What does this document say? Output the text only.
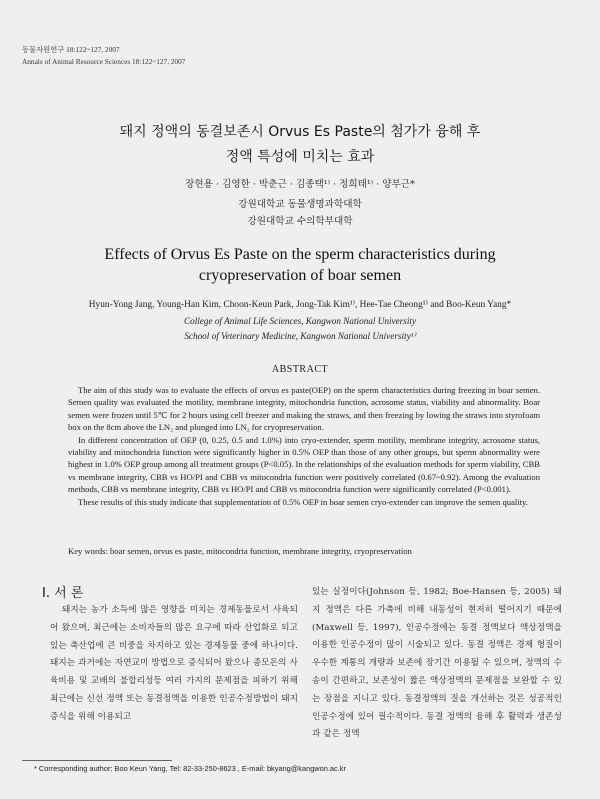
동물자원연구 18:122~127, 2007
Annals of Animal Resource Sciences 18:122~127, 2007
돼지 정액의 동결보존시 Orvus Es Paste의 첨가가 융해 후
정액 특성에 미치는 효과
장현용 · 김영한 · 박춘근 · 김종택¹⁾ · 정희태¹⁾ · 양부근*
강원대학교 동물생명과학대학
강원대학교 수의학부대학
Effects of Orvus Es Paste on the sperm characteristics during
cryopreservation of boar semen
Hyun-Yong Jang, Young-Han Kim, Choon-Keun Park, Jong-Tak Kim¹⁾, Hee-Tae Cheong¹⁾ and Boo-Keun Yang*
College of Animal Life Sciences, Kangwon National University
School of Veterinary Medicine, Kangwon National University¹⁾
ABSTRACT

The aim of this study was to evaluate the effects of orvus es paste(OEP) on the sperm characteristics during freezing in boar semen. Semen quality was evaluated the motility, membrane integrity, mitochondria function, acrosome status, viability and abnormality. Boar semen were frozen until 5℃ for 2 hours using cell freezer and making the straws, and then freezing by lowing the straws into styrofoam box on the 8cm above the LN₂ and plunged into LN₂ for cryopreservation.

In different concentration of OEP (0, 0.25, 0.5 and 1.0%) into cryo-extender, sperm motility, membrane integrity, acrosome status, viability and mitochondria function were significantly higher in 0.5% OEP than those of any other groups, but sperm abnormality were highest in 1.0% OEP group among all treatment groups (P<0.05). In the relationships of the evaluation methods for sperm viability, CBB vs membrane integrity, CBB vs HO/PI and CBB vs mitocondria function were positively correlated (0.67~0.92). Among the evaluation methods, CBB vs membrane integrity, CBB vs HO/PI and CBB vs mitocondria function were significantly correlated (P<0.001).

These results of this study indicate that supplementation of 0.5% OEP in boar semen cryo-extender can improve the semen quality.

Key words: boar semen, orvus es paste, mitocondria function, membrane integrity, cryopreservation
Ⅰ. 서 론
돼지는 농가 소득에 많은 영향을 미치는 경제동물로서 사육되어 왔으며, 최근에는 소비자들의 많은 요구에 따라 산업화로 되고 있는 축산업에 큰 비중을 차지하고 있는 경제동물 중에 하나이다. 돼지는 과거에는 자연교미 방법으로 증식되어 왔으나 종모돈의 사육비용 및 교배의 불합리성등 여러 가지의 문제점을 피하기 위해 최근에는 신선 정액 또는 동결정액을 이용한 인공수정방법이 돼지 증식을 위해 이용되고
있는 실정이다(Johnson 등, 1982; Boe-Hansen 등, 2005) 돼지 정액은 다른 가축에 비해 내동성이 현저히 떨어지기 때문에(Maxwell 등, 1997), 인공수정에는 동결 정액보다 액상정액을 이용한 인공수정이 많이 시술되고 있다. 동결 정액은 경제 형질이 우수한 계통의 개량과 보존에 장기간 이용될 수 있으며, 정액의 수송이 간편하고, 보존성이 짧은 액상정액의 문제점을 보완할 수 있는 장점을 지니고 있다. 동결정액의 질을 개선하는 것은 성공적인 인공수정에 있어 필수적이다. 동결 정액의 융해 후 활력과 생존성과 같은 정액
* Corresponding author: Boo Keun Yang, Tel: 82-33-250-8623 , E-mail: bkyang@kangwon.ac.kr
